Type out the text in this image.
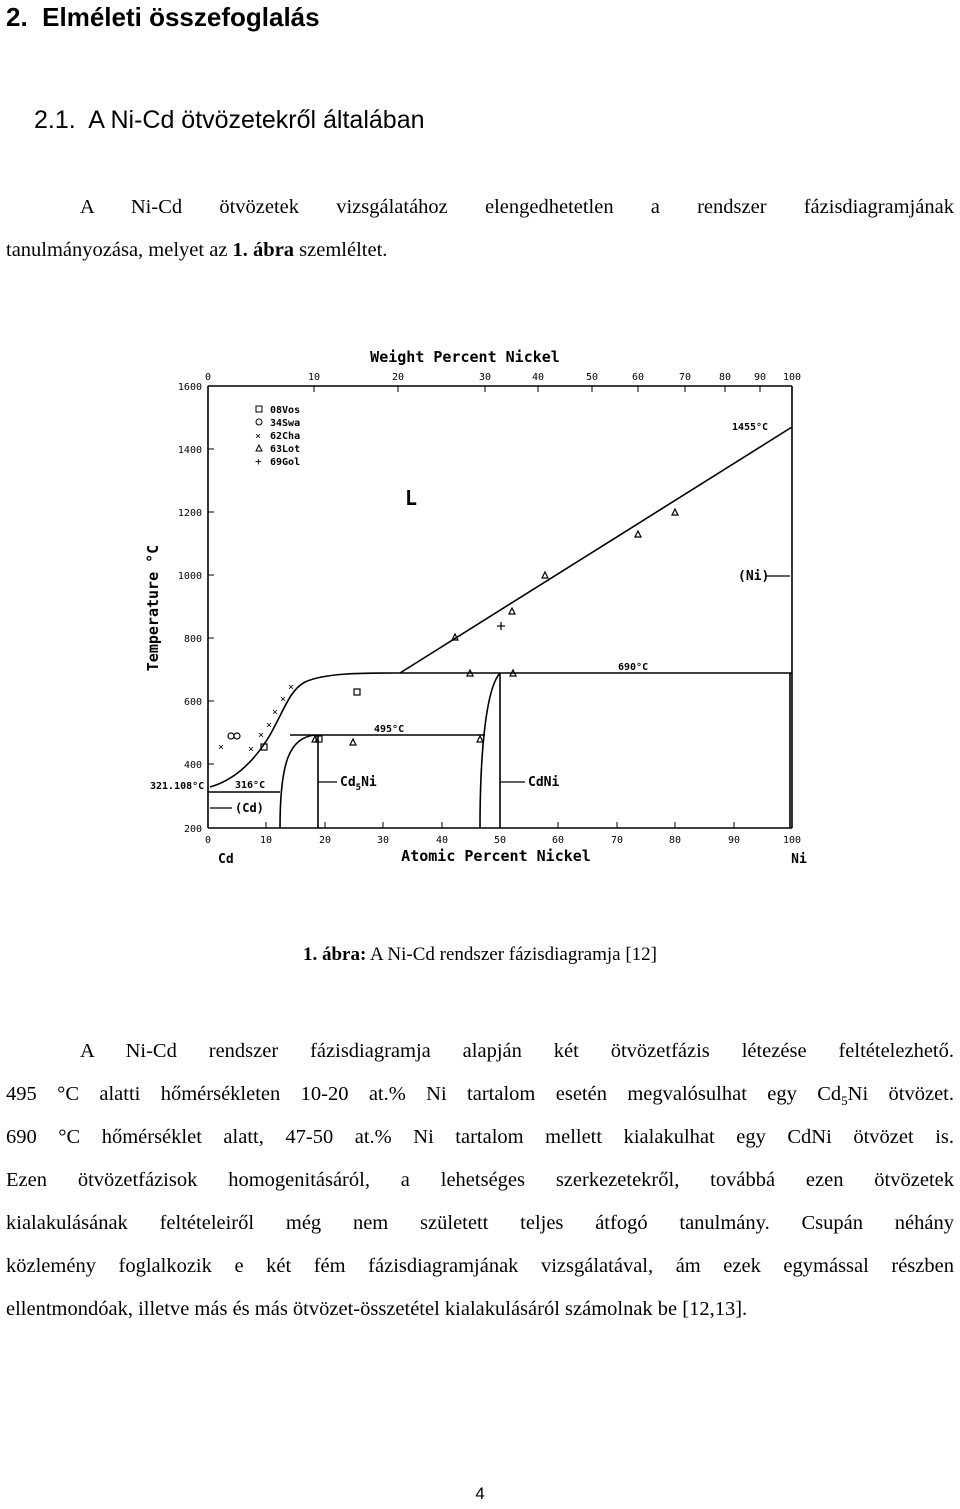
2. Elméleti összefoglalás
2.1. A Ni-Cd ötvözetekről általában
A Ni-Cd ötvözetek vizsgálatához elengedhetetlen a rendszer fázisdiagramjának
tanulmányozása, melyet az 1. ábra szemléltet.
Weight Percent Nickel
0	10	20	30	40	50	60	70	80 90 100
1600
1400
1200
1000
800
600
400
200
Temperature °C
0	10	20	30	40	50	60	70	80	90	100
Cd	Atomic Percent Nickel	Ni
08Vos
34Swa
× 62Cha
63Lot
+ 69Gol
×
×
×
×
×
×
×
1455°C
L
(Ni)
690°C
495°C
$Cd_5Ni$	CdNi
321.108°C	316°C
(Cd)
1. ábra: A Ni-Cd rendszer fázisdiagramja [12]
A Ni-Cd rendszer fázisdiagramja alapján két ötvözetfázis létezése feltételezhető.
495 °C alatti hőmérsékleten 10-20 at.% Ni tartalom esetén megvalósulhat egy $Cd_5Ni$ ötvözet.
690 °C hőmérséklet alatt, 47-50 at.% Ni tartalom mellett kialakulhat egy CdNi ötvözet is.
Ezen ötvözetfázisok homogenitásáról, a lehetséges szerkezetekről, továbbá ezen ötvözetek
kialakulásának feltételeiről még nem született teljes átfogó tanulmány. Csupán néhány
közlemény foglalkozik e két fém fázisdiagramjának vizsgálatával, ám ezek egymással részben
ellentmondóak, illetve más és más ötvözet-összetétel kialakulásáról számolnak be [12,13].
4
